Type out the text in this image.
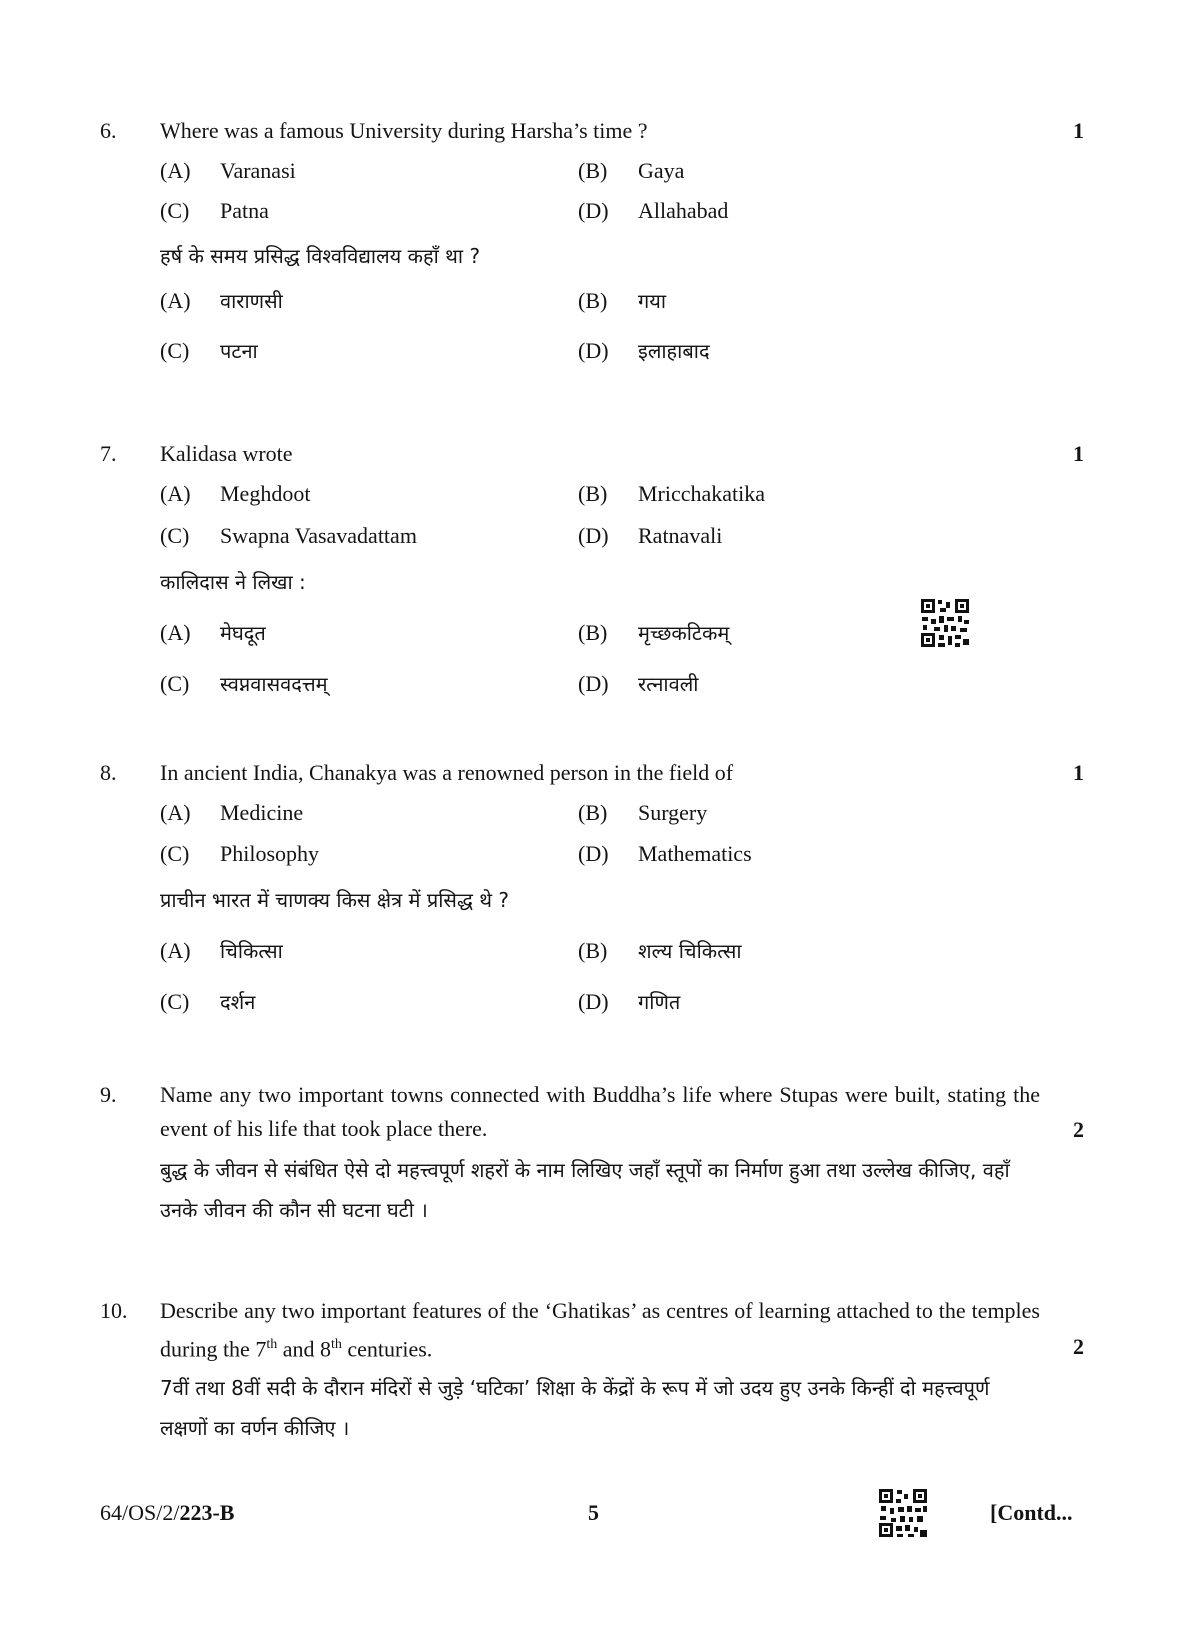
6. Where was a famous University during Harsha’s time ?	1
(A) Varanasi	(B) Gaya
(C) Patna	(D) Allahabad
हर्ष के समय प्रसिद्ध विश्वविद्यालय कहाँ था ?
(A) वाराणसी	(B) गया
(C) पटना	(D) इलाहाबाद
7. Kalidasa wrote	1
(A) Meghdoot	(B) Mricchakatika
(C) Swapna Vasavadattam	(D) Ratnavali
कालिदास ने लिखा :
(A) मेघदूत	(B) मृच्छकटिकम्
(C) स्वप्नवासवदत्तम्	(D) रत्नावली
8. In ancient India, Chanakya was a renowned person in the field of	1
(A) Medicine	(B) Surgery
(C) Philosophy	(D) Mathematics
प्राचीन भारत में चाणक्य किस क्षेत्र में प्रसिद्ध थे ?
(A) चिकित्सा	(B) शल्य चिकित्सा
(C) दर्शन	(D) गणित
9. Name any two important towns connected with Buddha’s life where Stupas were built, stating the event of his life that took place there.	2
बुद्ध के जीवन से संबंधित ऐसे दो महत्त्वपूर्ण शहरों के नाम लिखिए जहाँ स्तूपों का निर्माण हुआ तथा उल्लेख कीजिए, वहाँ उनके जीवन की कौन सी घटना घटी ।
10. Describe any two important features of the ‘Ghatikas’ as centres of learning attached to the temples during the 7th and 8th centuries.	2
7वीं तथा 8वीं सदी के दौरान मंदिरों से जुड़े ‘घटिका’ शिक्षा के केंद्रों के रूप में जो उदय हुए उनके किन्हीं दो महत्त्वपूर्ण लक्षणों का वर्णन कीजिए ।
64/OS/2/223-B	5	[Contd...
